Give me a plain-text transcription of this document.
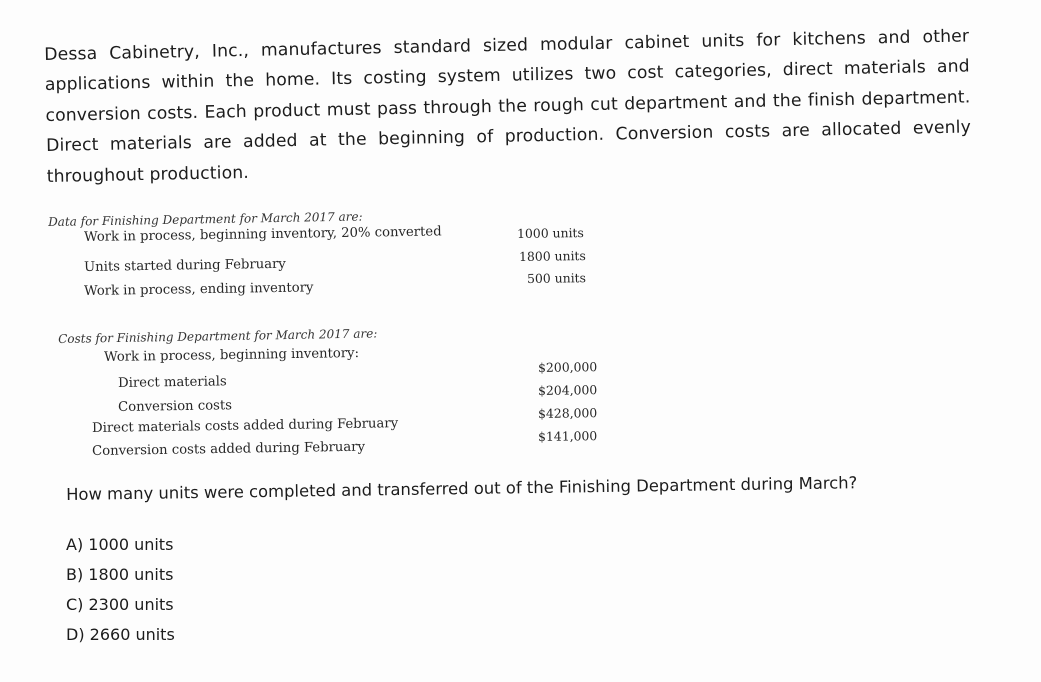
Dessa Cabinetry, Inc., manufactures standard sized modular cabinet units for kitchens and other applications within the home. Its costing system utilizes two cost categories, direct materials and conversion costs. Each product must pass through the rough cut department and the finish department. Direct materials are added at the beginning of production. Conversion costs are allocated evenly throughout production.
Data for Finishing Department for March 2017 are:
Work in process, beginning inventory, 20% converted
Units started during February
Work in process, ending inventory
1000 units
1800 units
500 units
Costs for Finishing Department for March 2017 are:
Work in process, beginning inventory:
Direct materials
Conversion costs
Direct materials costs added during February
Conversion costs added during February
$200,000
$204,000
$428,000
$141,000
How many units were completed and transferred out of the Finishing Department during March?
A) 1000 units
B) 1800 units
C) 2300 units
D) 2660 units
